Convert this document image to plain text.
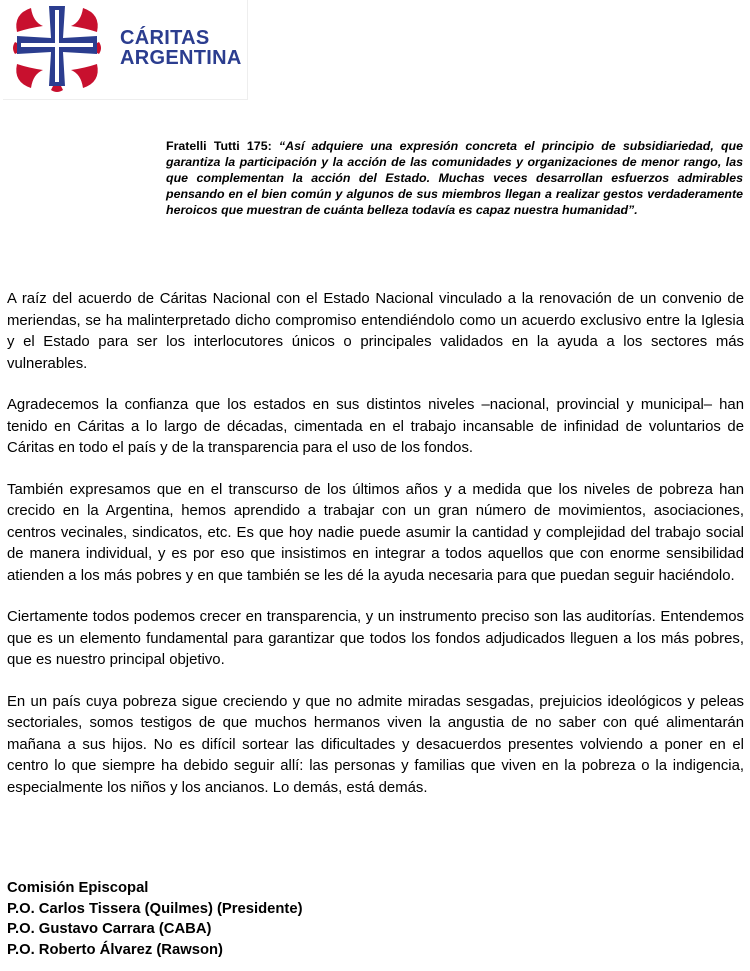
CÁRITAS
ARGENTINA

Fratelli Tutti 175: “Así adquiere una expresión concreta el principio de subsidiariedad, que garantiza la participación y la acción de las comunidades y organizaciones de menor rango, las que complementan la acción del Estado. Muchas veces desarrollan esfuerzos admirables pensando en el bien común y algunos de sus miembros llegan a realizar gestos verdaderamente heroicos que muestran de cuánta belleza todavía es capaz nuestra humanidad”.

A raíz del acuerdo de Cáritas Nacional con el Estado Nacional vinculado a la renovación de un convenio de meriendas, se ha malinterpretado dicho compromiso entendiéndolo como un acuerdo exclusivo entre la Iglesia y el Estado para ser los interlocutores únicos o principales validados en la ayuda a los sectores más vulnerables.

Agradecemos la confianza que los estados en sus distintos niveles –nacional, provincial y municipal– han tenido en Cáritas a lo largo de décadas, cimentada en el trabajo incansable de infinidad de voluntarios de Cáritas en todo el país y de la transparencia para el uso de los fondos.

También expresamos que en el transcurso de los últimos años y a medida que los niveles de pobreza han crecido en la Argentina, hemos aprendido a trabajar con un gran número de movimientos, asociaciones, centros vecinales, sindicatos, etc. Es que hoy nadie puede asumir la cantidad y complejidad del trabajo social de manera individual, y es por eso que insistimos en integrar a todos aquellos que con enorme sensibilidad atienden a los más pobres y en que también se les dé la ayuda necesaria para que puedan seguir haciéndolo.

Ciertamente todos podemos crecer en transparencia, y un instrumento preciso son las auditorías. Entendemos que es un elemento fundamental para garantizar que todos los fondos adjudicados lleguen a los más pobres, que es nuestro principal objetivo.

En un país cuya pobreza sigue creciendo y que no admite miradas sesgadas, prejuicios ideológicos y peleas sectoriales, somos testigos de que muchos hermanos viven la angustia de no saber con qué alimentarán mañana a sus hijos. No es difícil sortear las dificultades y desacuerdos presentes volviendo a poner en el centro lo que siempre ha debido seguir allí: las personas y familias que viven en la pobreza o la indigencia, especialmente los niños y los ancianos. Lo demás, está demás.

Comisión Episcopal
P.O. Carlos Tissera (Quilmes) (Presidente)
P.O. Gustavo Carrara (CABA)
P.O. Roberto Álvarez (Rawson)
